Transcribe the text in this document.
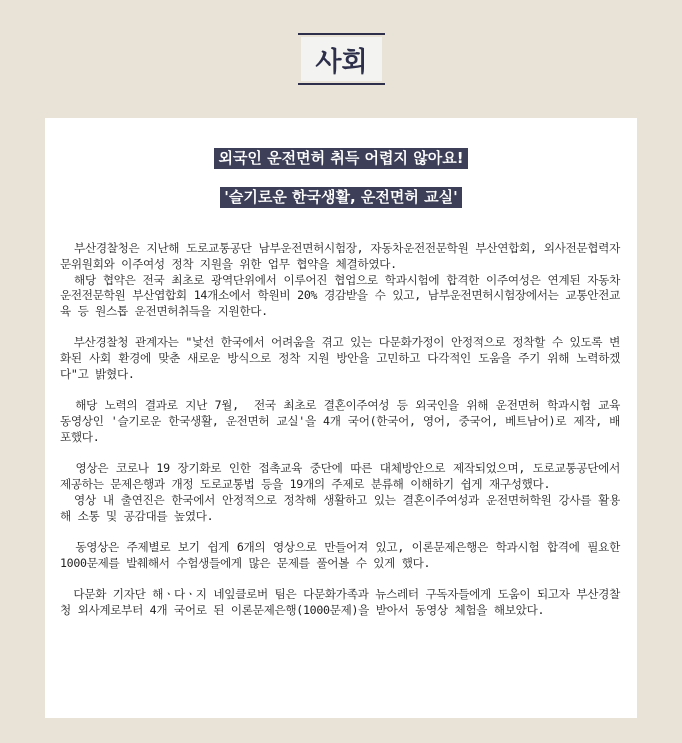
사회
외국인 운전면허 취득 어렵지 않아요!
'슬기로운 한국생활, 운전면허 교실'

부산경찰청은 지난해 도로교통공단 남부운전면허시험장, 자동차운전전문학원 부산연합회, 외사전문협력자문위원회와 이주여성 정착 지원을 위한 업무 협약을 체결하였다.
해당 협약은 전국 최초로 광역단위에서 이루어진 협업으로 학과시험에 합격한 이주여성은 연계된 자동차운전전문학원 부산엽합회 14개소에서 학원비 20% 경감받을 수 있고, 남부운전면허시험장에서는 교통안전교육 등 원스톱 운전면허취득을 지원한다.

부산경찰청 관계자는 "낯선 한국에서 어려움을 겪고 있는 다문화가정이 안정적으로 정착할 수 있도록 변화된 사회 환경에 맞춘 새로운 방식으로 정착 지원 방안을 고민하고 다각적인 도움을 주기 위해 노력하겠다"고 밝혔다.

해당 노력의 결과로 지난 7월,  전국 최초로 결혼이주여성 등 외국인을 위해 운전면허 학과시험 교육 동영상인 '슬기로운 한국생활, 운전면허 교실'을 4개 국어(한국어, 영어, 중국어, 베트남어)로 제작, 배포했다.

영상은 코로나 19 장기화로 인한 접촉교육 중단에 따른 대체방안으로 제작되었으며, 도로교통공단에서 제공하는 문제은행과 개정 도로교통법 등을 19개의 주제로 분류해 이해하기 쉽게 재구성했다.
영상 내 출연진은 한국에서 안정적으로 정착해 생활하고 있는 결혼이주여성과 운전면허학원 강사를 활용해 소통 및 공감대를 높였다.

동영상은 주제별로 보기 쉽게 6개의 영상으로 만들어져 있고, 이론문제은행은 학과시험 합격에 필요한 1000문제를 발췌해서 수험생들에게 많은 문제를 풀어볼 수 있게 했다.

다문화 기자단 해ㆍ다ㆍ지 네잎클로버 팀은 다문화가족과 뉴스레터 구독자들에게 도움이 되고자 부산경찰청 외사계로부터 4개 국어로 된 이론문제은행(1000문제)을 받아서 동영상 체험을 해보았다.
